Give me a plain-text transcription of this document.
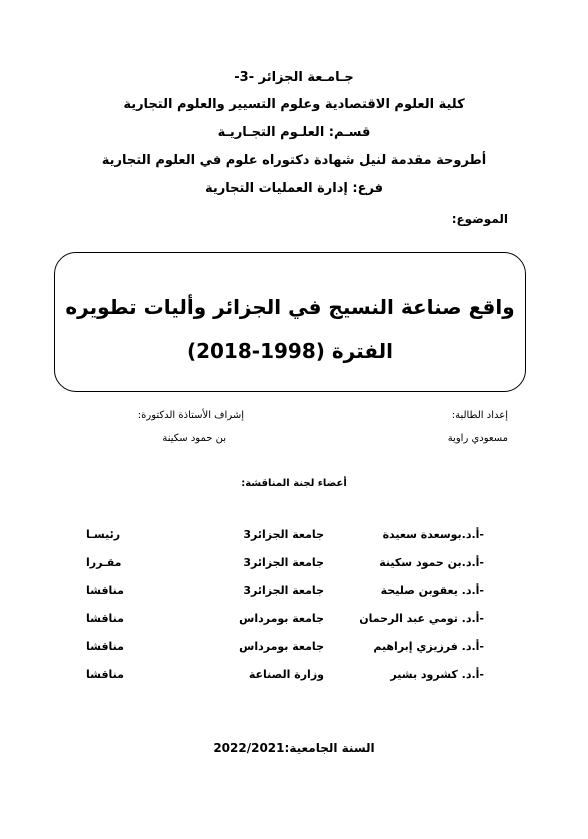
جـامـعة الجزائر -3-
كلية العلوم الاقتصادية وعلوم التسيير والعلوم التجارية
قسـم: العلـوم التجـاريـة
أطروحة مقدمة لنيل شهادة دكتوراه علوم في العلوم التجارية
فرع: إدارة العمليات التجارية
الموضوع:
واقع صناعة النسيج في الجزائر وأليات تطويره
الفترة (1998-2018)
إعداد الطالبة:
مسعودي راوية
إشراف الأستاذة الدكتورة:
بن حمود سكينة
أعضاء لجنة المناقشة:
-أ.د.بوسعدة سعيدة
جامعة الجزائر3
رئيسـا
-أ.د.بن حمود سكينة
جامعة الجزائر3
مقـررا
-أ.د. يعقوبن صليحة
جامعة الجزائر3
مناقشا
-أ.د. تومي عبد الرحمان
جامعة بومرداس
مناقشا
-أ.د. فرزيزي إبراهيم
جامعة بومرداس
مناقشا
-أ.د. كشرود بشير
وزارة الصناعة
مناقشا
السنة الجامعية:2022/2021
